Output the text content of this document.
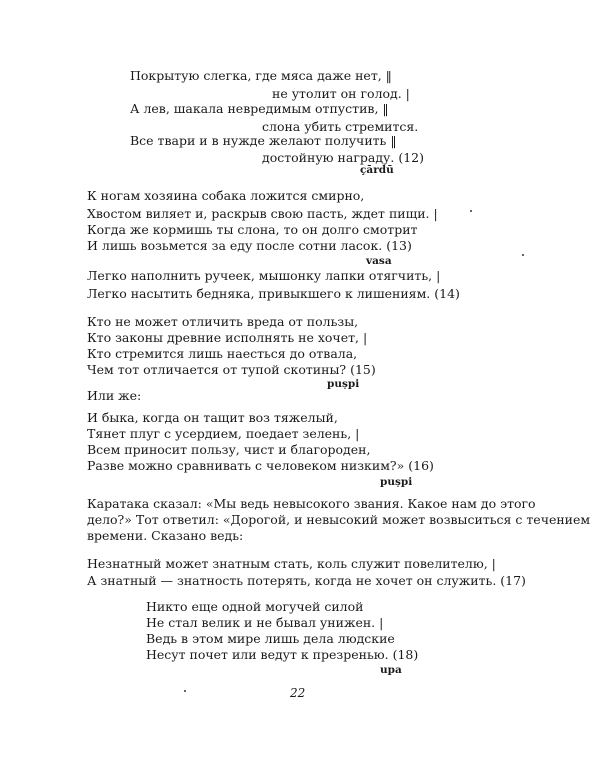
Покрытую слегка, где мяса даже нет, ‖
не утолит он голод. |
А лев, шакала невредимым отпустив, ‖
слона убить стремится.
Все твари и в нужде желают получить ‖
достойную награду. (12)
çārdū
К ногам хозяина собака ложится смирно,
Хвостом виляет и, раскрыв свою пасть, ждет пищи. |
Когда же кормишь ты слона, то он долго смотрит
И лишь возьмется за еду после сотни ласок. (13)
vasa
Легко наполнить ручеек, мышонку лапки отягчить, |
Легко насытить бедняка, привыкшего к лишениям. (14)
Кто не может отличить вреда от пользы,
Кто законы древние исполнять не хочет, |
Кто стремится лишь наесться до отвала,
Чем тот отличается от тупой скотины? (15)
puṣpi
Или же:
И быка, когда он тащит воз тяжелый,
Тянет плуг с усердием, поедает зелень, |
Всем приносит пользу, чист и благороден,
Разве можно сравнивать с человеком низким?» (16)
puṣpi
Каратака сказал: «Мы ведь невысокого звания. Какое нам до этого
дело?» Тот ответил: «Дорогой, и невысокий может возвыситься с течением
времени. Сказано ведь:
Незнатный может знатным стать, коль служит повелителю, |
А знатный — знатность потерять, когда не хочет он служить. (17)
Никто еще одной могучей силой
Не стал велик и не бывал унижен. |
Ведь в этом мире лишь дела людские
Несут почет или ведут к презренью. (18)
upa
22
